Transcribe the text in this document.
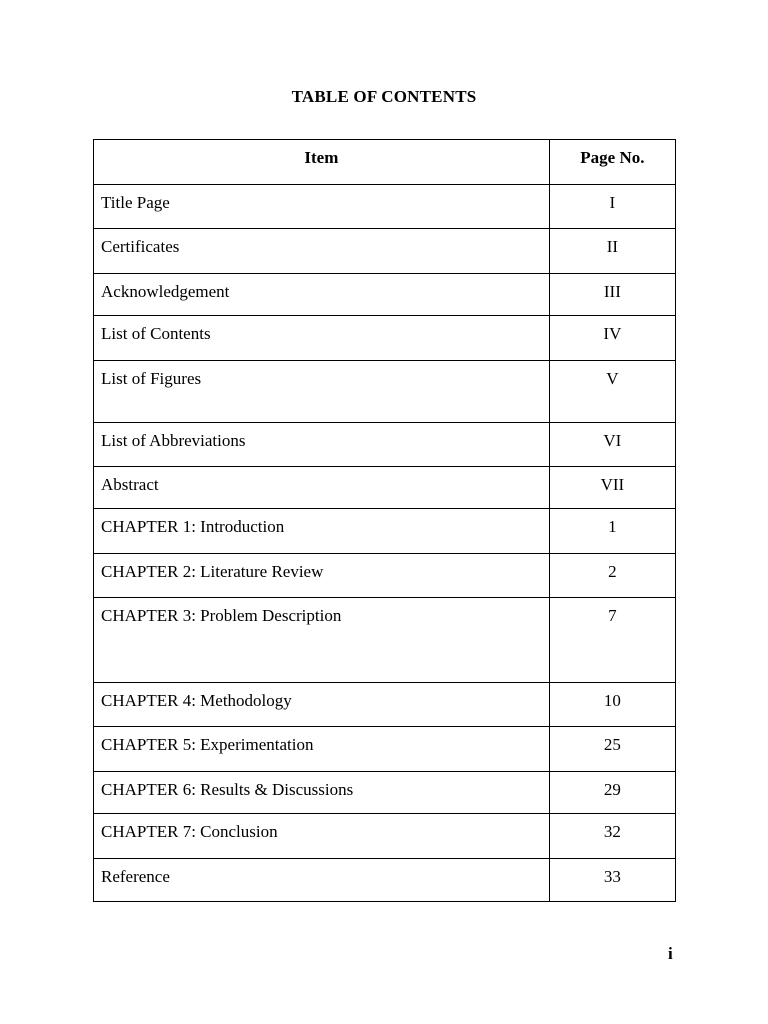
TABLE OF CONTENTS
Item	Page No.
Title Page	I
Certificates	II
Acknowledgement	III
List of Contents	IV
List of Figures	V
List of Abbreviations	VI
Abstract	VII
CHAPTER 1: Introduction	1
CHAPTER 2: Literature Review	2
CHAPTER 3: Problem Description	7
CHAPTER 4: Methodology	10
CHAPTER 5: Experimentation	25
CHAPTER 6: Results & Discussions	29
CHAPTER 7: Conclusion	32
Reference	33
i
